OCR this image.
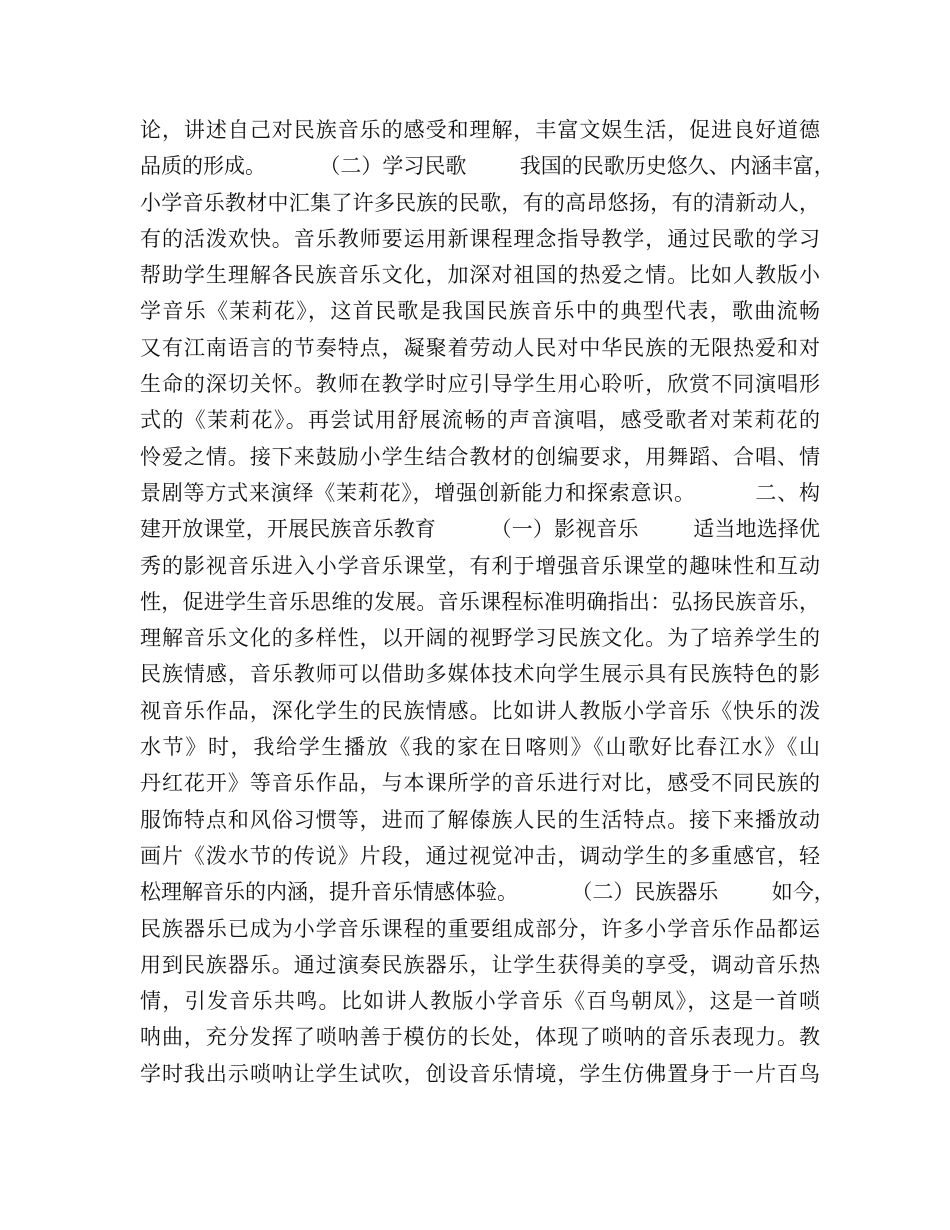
论，讲述自己对民族音乐的感受和理解，丰富文娱生活，促进良好道德
品质的形成。        （二）学习民歌        我国的民歌历史悠久、内涵丰富，
小学音乐教材中汇集了许多民族的民歌，有的高昂悠扬，有的清新动人，
有的活泼欢快。音乐教师要运用新课程理念指导教学，通过民歌的学习
帮助学生理解各民族音乐文化，加深对祖国的热爱之情。比如人教版小
学音乐《茉莉花》，这首民歌是我国民族音乐中的典型代表，歌曲流畅
又有江南语言的节奏特点，凝聚着劳动人民对中华民族的无限热爱和对
生命的深切关怀。教师在教学时应引导学生用心聆听，欣赏不同演唱形
式的《茉莉花》。再尝试用舒展流畅的声音演唱，感受歌者对茉莉花的
怜爱之情。接下来鼓励小学生结合教材的创编要求，用舞蹈、合唱、情
景剧等方式来演绎《茉莉花》，增强创新能力和探索意识。        二、构
建开放课堂，开展民族音乐教育        （一）影视音乐        适当地选择优
秀的影视音乐进入小学音乐课堂，有利于增强音乐课堂的趣味性和互动
性，促进学生音乐思维的发展。音乐课程标准明确指出：弘扬民族音乐，
理解音乐文化的多样性，以开阔的视野学习民族文化。为了培养学生的
民族情感，音乐教师可以借助多媒体技术向学生展示具有民族特色的影
视音乐作品，深化学生的民族情感。比如讲人教版小学音乐《快乐的泼
水节》时，我给学生播放《我的家在日喀则》《山歌好比春江水》《山
丹红花开》等音乐作品，与本课所学的音乐进行对比，感受不同民族的
服饰特点和风俗习惯等，进而了解傣族人民的生活特点。接下来播放动
画片《泼水节的传说》片段，通过视觉冲击，调动学生的多重感官，轻
松理解音乐的内涵，提升音乐情感体验。        （二）民族器乐        如今，
民族器乐已成为小学音乐课程的重要组成部分，许多小学音乐作品都运
用到民族器乐。通过演奏民族器乐，让学生获得美的享受，调动音乐热
情，引发音乐共鸣。比如讲人教版小学音乐《百鸟朝凤》，这是一首唢
呐曲，充分发挥了唢呐善于模仿的长处，体现了唢呐的音乐表现力。教
学时我出示唢呐让学生试吹，创设音乐情境，学生仿佛置身于一片百鸟
